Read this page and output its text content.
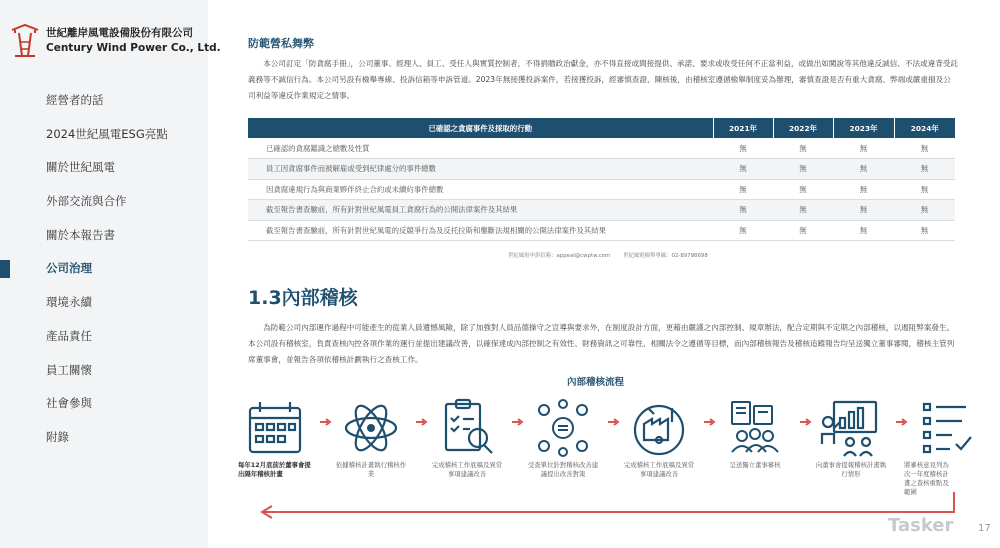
世紀離岸風電設備股份有限公司
Century Wind Power Co., Ltd.
經營者的話
2024世紀風電ESG亮點
關於世紀風電
外部交流與合作
關於本報告書
公司治理
環境永續
產品責任
員工關懷
社會參與
附錄
防範營私舞弊

本公司訂定「防貪腐手冊」，公司董事、經理人、員工、受任人與實質控制者，不得捐贈政治獻金，亦不得直接或間接提供、承諾、要求或收受任何不正當利益，或做出如闖說等其他違反誠信、不法或違背受託義務等不誠信行為。本公司另設有檢舉專線、投訴信箱等申訴管道。2023年無接獲投訴案件，若接獲投訴，經審慎查證、陳核後，由稽核室遵循檢舉制度妥為辦理，審慎查證是否有重大貪腐、弊端或嚴重損及公司利益等違反作業規定之情事。

已確認之貪腐事件及採取的行動	2021年	2022年	2023年	2024年
已確認的貪腐鑑識之總數及性質	無	無	無	無
員工因貪腐事件而被解雇或受到紀律處分的事件總數	無	無	無	無
因貪腐違規行為與商業夥伴終止合約或未續約事件總數	無	無	無	無
截至報告書查驗前，所有針對世紀風電員工貪腐行為的公開法律案件及其結果	無	無	無	無
截至報告書查驗前，所有針對世紀風電的反競爭行為及反托拉斯和壟斷法規相關的公開法律案件及其結果	無	無	無	無
世紀風電申訴信箱：appeal@cwptw.com 世紀風電檢舉專線：02-89798698
1.3內部稽核

為防範公司內部運作過程中可能產生的從業人員遺憾風險，除了加強對人員品德操守之宣導與要求外，在制度設計方面，更藉由嚴謹之內部控制、規章辦法，配合定期與不定期之內部稽核，以遏阻弊案發生。本公司設有稽核室，負責查核內控各項作業的運行並提出建議改善，以確保達成內部控制之有效性、財務資訊之可靠性、相關法令之遵循等目標，而內部稽核報告及稽核追蹤報告均呈送獨立董事審閱，稽核主管列席董事會，並報告各項依稽核計劃執行之查核工作。

內部稽核流程
每年12月底前於董事會提出隔年稽核計畫
依據稽核計畫執行稽核作業
完成稽核工作底稿及異常事項建議改善
受查單位針對稽核改善建議提出改善對策
完成稽核工作底稿及異常事項建議改善
呈送獨立董事審核	向董事會提報稽核計畫執行情形
將審核意見列為次一年度稽核計畫之查核重點及範圍
Tasker 17
